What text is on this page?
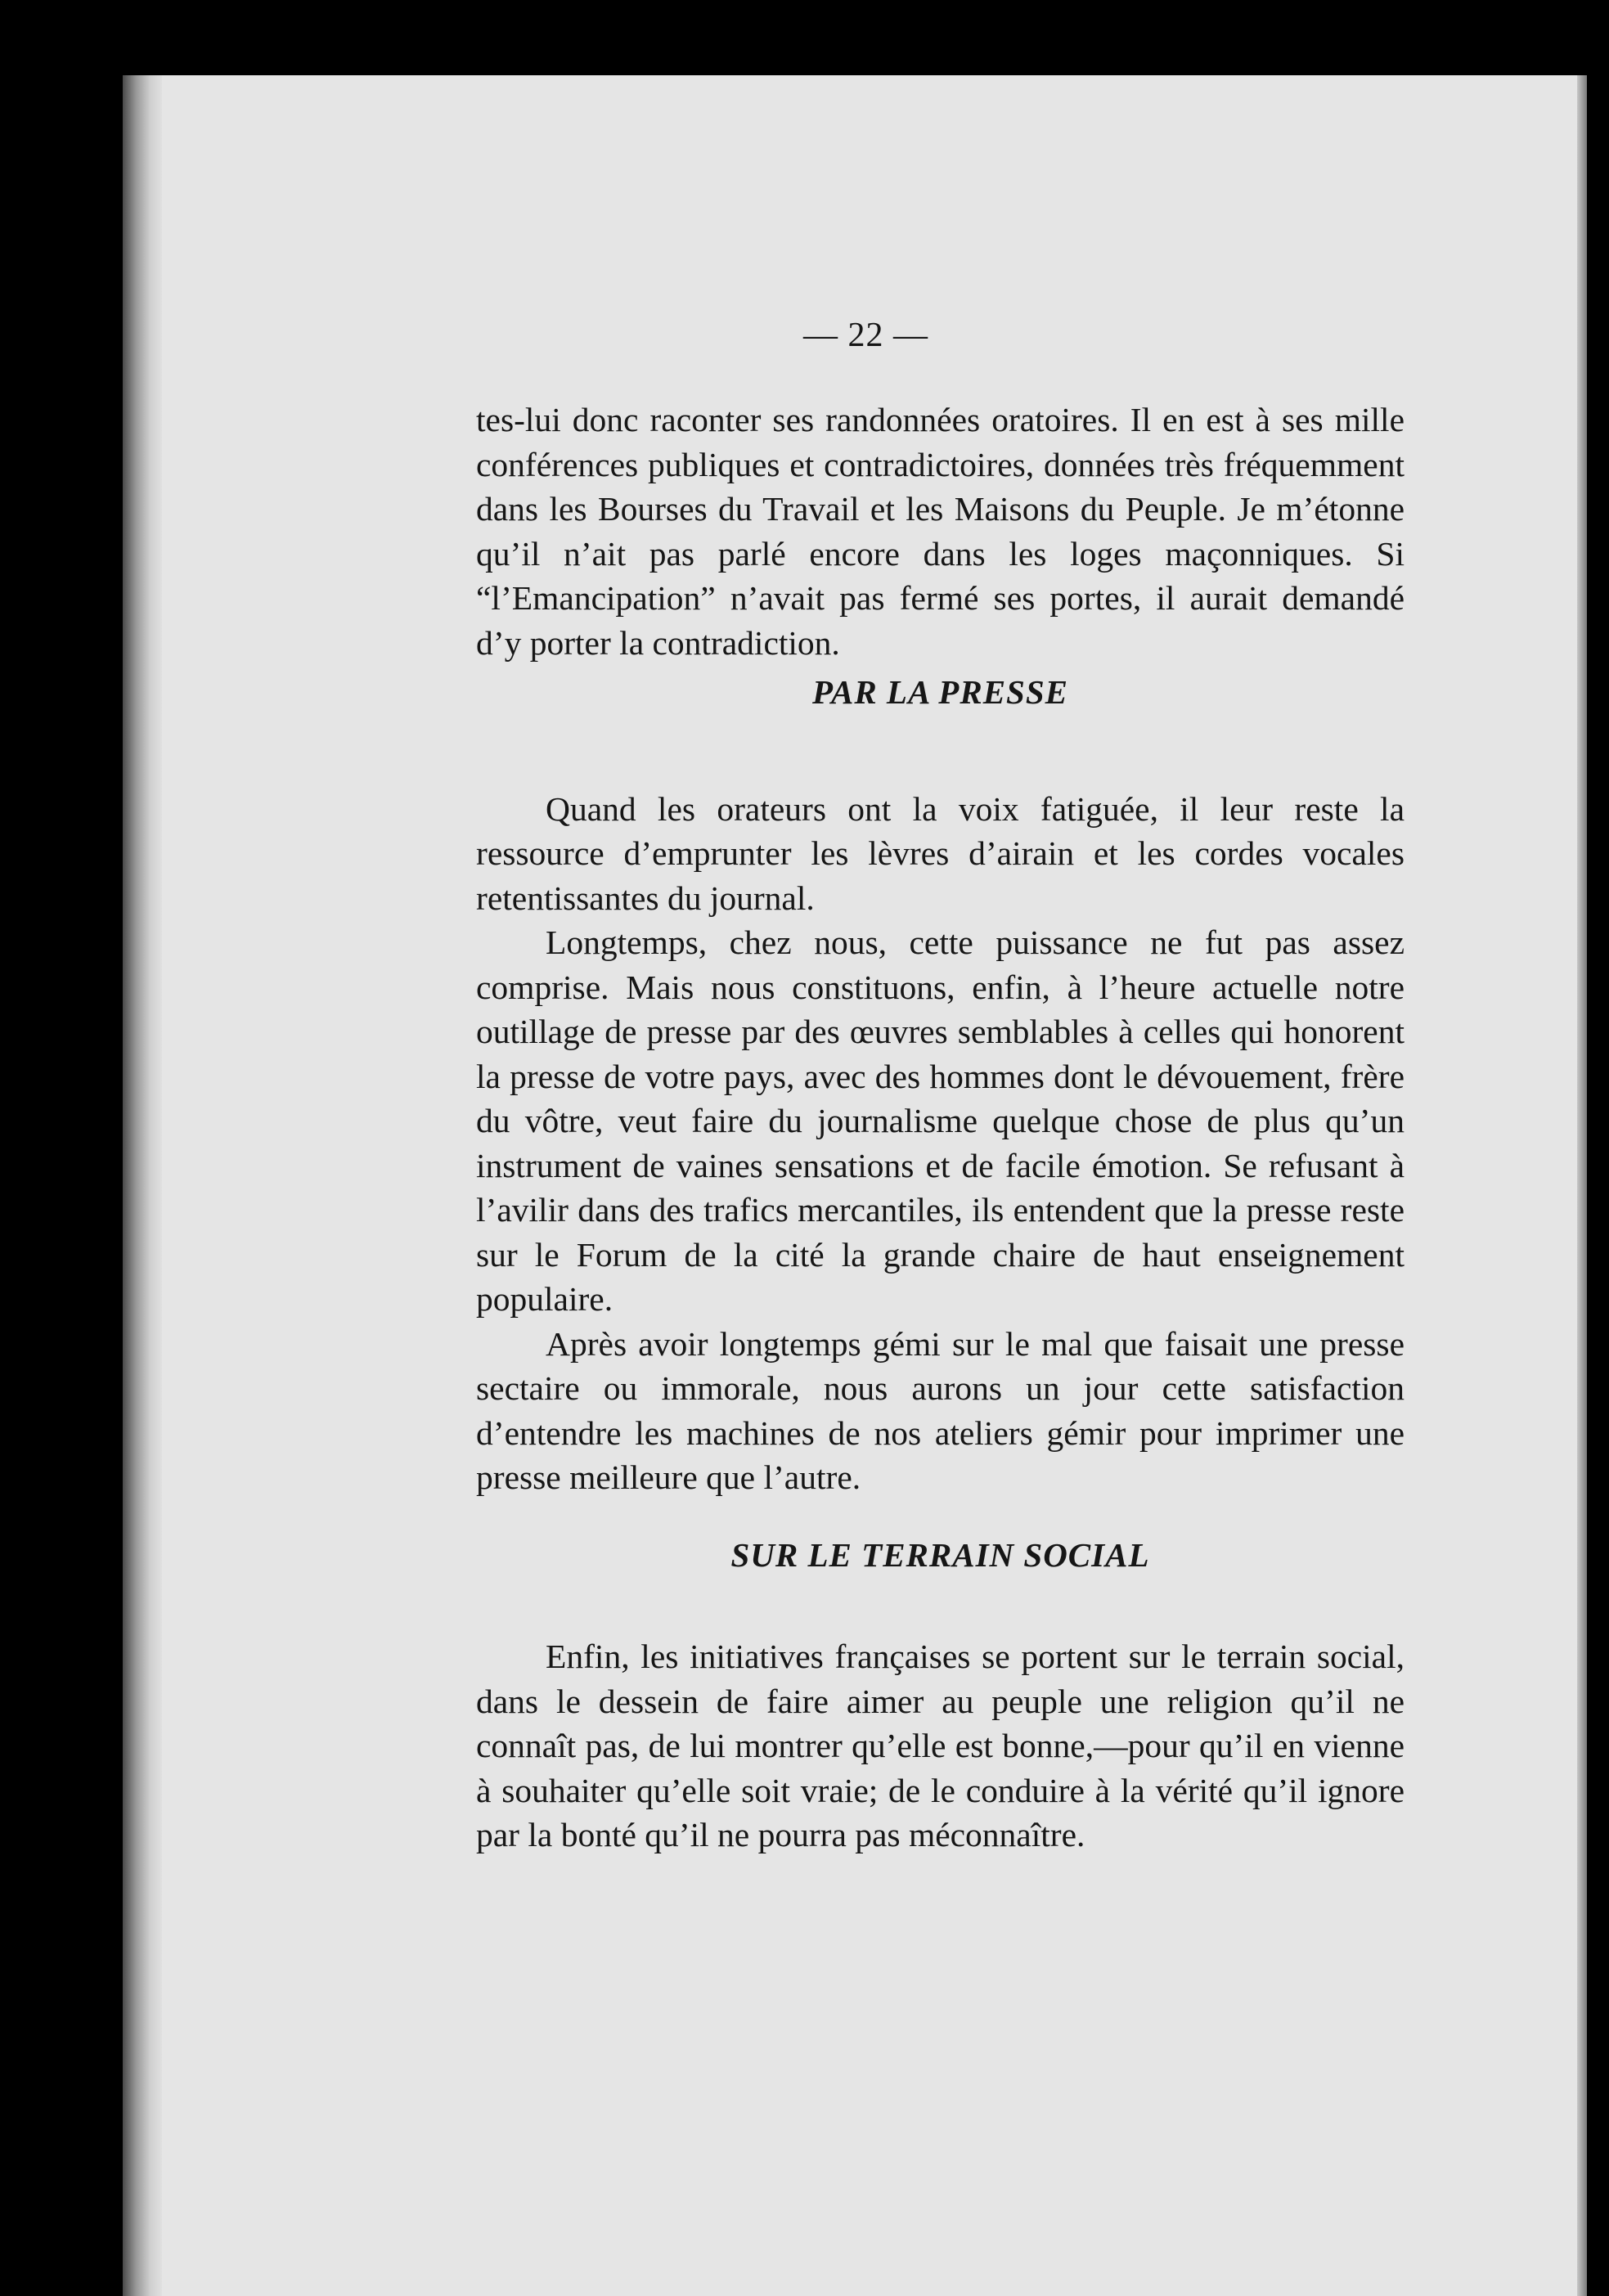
— 22 —

tes-lui donc raconter ses randonnées oratoires. Il en est à ses mille conférences publiques et contradictoires, données très fréquemment dans les Bourses du Travail et les Maisons du Peuple. Je m’étonne qu’il n’ait pas parlé encore dans les loges maçonniques. Si “l’Emancipation” n’avait pas fermé ses portes, il aurait demandé d’y porter la contradiction.

PAR LA PRESSE

Quand les orateurs ont la voix fatiguée, il leur reste la ressource d’emprunter les lèvres d’airain et les cordes vocales retentissantes du journal.

Longtemps, chez nous, cette puissance ne fut pas assez comprise. Mais nous constituons, enfin, à l’heure actuelle notre outillage de presse par des œuvres semblables à celles qui honorent la presse de votre pays, avec des hommes dont le dévouement, frère du vôtre, veut faire du journalisme quelque chose de plus qu’un instrument de vaines sensations et de facile émotion. Se refusant à l’avilir dans des trafics mercantiles, ils entendent que la presse reste sur le Forum de la cité la grande chaire de haut enseignement populaire.

Après avoir longtemps gémi sur le mal que faisait une presse sectaire ou immorale, nous aurons un jour cette satisfaction d’entendre les machines de nos ateliers gémir pour imprimer une presse meilleure que l’autre.

SUR LE TERRAIN SOCIAL

Enfin, les initiatives françaises se portent sur le terrain social, dans le dessein de faire aimer au peuple une religion qu’il ne connaît pas, de lui montrer qu’elle est bonne,—pour qu’il en vienne à souhaiter qu’elle soit vraie; de le conduire à la vérité qu’il ignore par la bonté qu’il ne pourra pas méconnaître.
